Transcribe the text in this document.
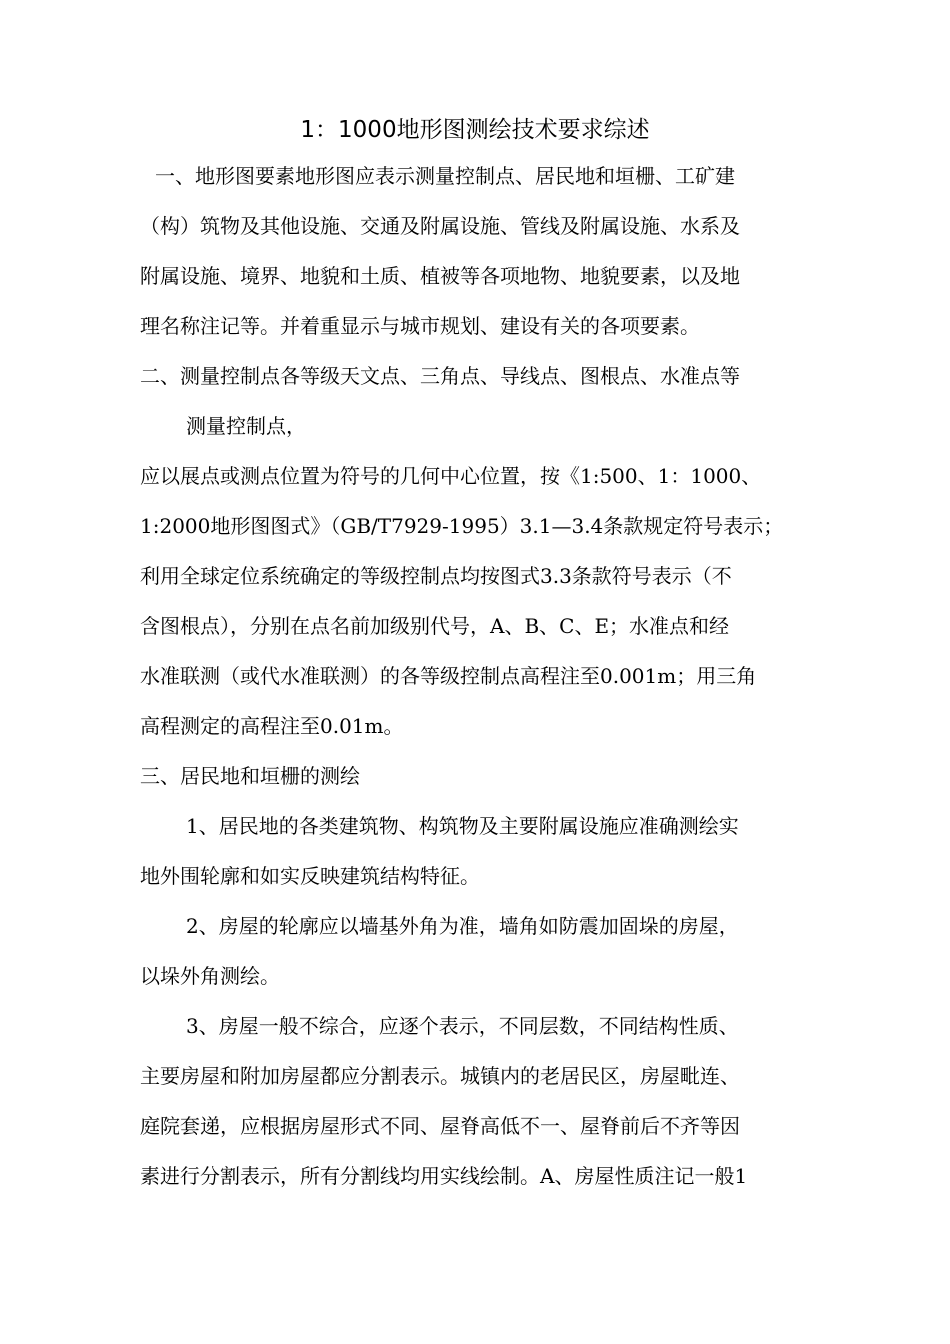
1：1000地形图测绘技术要求综述
一、地形图要素地形图应表示测量控制点、居民地和垣栅、工矿建
（构）筑物及其他设施、交通及附属设施、管线及附属设施、水系及
附属设施、境界、地貌和土质、植被等各项地物、地貌要素，以及地
理名称注记等。并着重显示与城市规划、建设有关的各项要素。
二、测量控制点各等级天文点、三角点、导线点、图根点、水准点等
测量控制点，
应以展点或测点位置为符号的几何中心位置，按《1:500、1：1000、
1:2000地形图图式》（GB/T7929-1995）3.1—3.4条款规定符号表示；
利用全球定位系统确定的等级控制点均按图式3.3条款符号表示（不
含图根点），分别在点名前加级别代号，A、B、C、E；水准点和经
水准联测（或代水准联测）的各等级控制点高程注至0.001m；用三角
高程测定的高程注至0.01m。
三、居民地和垣栅的测绘
1、居民地的各类建筑物、构筑物及主要附属设施应准确测绘实
地外围轮廓和如实反映建筑结构特征。
2、房屋的轮廓应以墙基外角为准，墙角如防震加固垛的房屋，
以垛外角测绘。
3、房屋一般不综合，应逐个表示，不同层数，不同结构性质、
主要房屋和附加房屋都应分割表示。城镇内的老居民区，房屋毗连、
庭院套递，应根据房屋形式不同、屋脊高低不一、屋脊前后不齐等因
素进行分割表示，所有分割线均用实线绘制。A、房屋性质注记一般1
